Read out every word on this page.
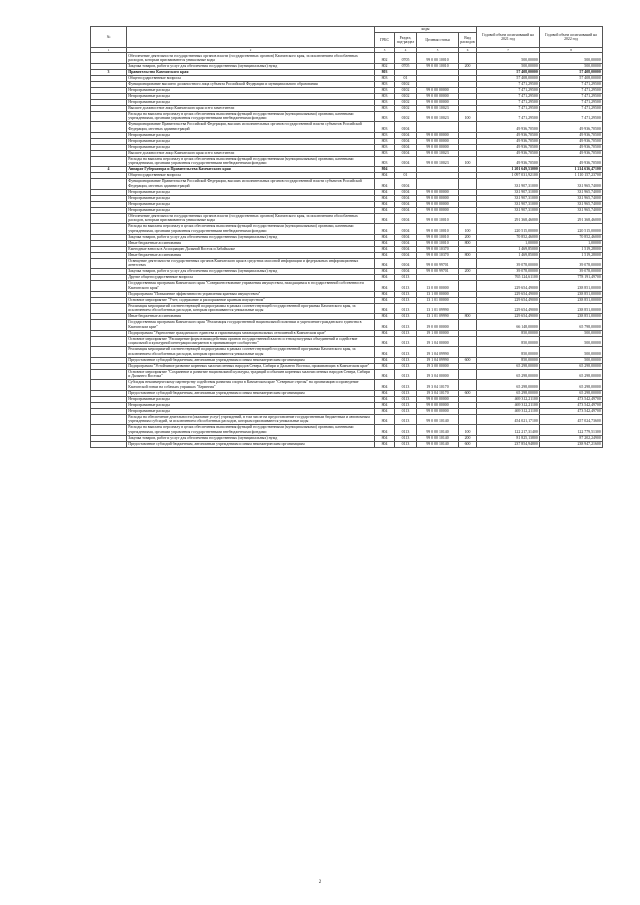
№		коды				Годовой объем ассигнований на 2021 год	Годовой объем ассигнований на 2022 год
		ГРБС	Раздел, под-раздел	Целевая статья	Вид расходов		
1	2	3	4	5	6	7	8
	Обеспечение деятельности государственных органов власти (государственных органов) Камчатского края, за исключением обособленных расходов, которым присваиваются уникальные коды	802	0705	99 0 00 10010		500,00000	500,00000
	Закупка товаров, работ и услуг для обеспечения государственных (муниципальных) нужд	802	0705	99 0 00 10010	200	500,00000	500,00000
3	Правительство Камчатского края	803				57 408,00000	57 408,00000
	Общегосударственные вопросы	803	01			57 408,00000	57 408,00000
	Функционирование высшего должностного лица субъекта Российской Федерации и муниципального образования	803	0102			7 471,29500	7 471,29500
	Непрограммные расходы	803	0102	99 0 00 00000		7 471,29500	7 471,29500
	Непрограммные расходы	803	0102	99 0 00 00000		7 471,29500	7 471,29500
	Непрограммные расходы	803	0102	99 0 00 00000		7 471,29500	7 471,29500
	Высшее должностное лицо Камчатского края и его заместители	803	0102	99 0 00 10023		7 471,29500	7 471,29500
	Расходы на выплаты персоналу в целях обеспечения выполнения функций государственными (муниципальными) органами, казенными учреждениями, органами управления государственными внебюджетными фондами	803	0102	99 0 00 10023	100	7 471,29500	7 471,29500
	Функционирование Правительства Российской Федерации, высших исполнительных органов государственной власти субъектов Российской Федерации, местных администраций	803	0104			49 936,70500	49 936,70500
	Непрограммные расходы	803	0104	99 0 00 00000		49 936,70500	49 936,70500
	Непрограммные расходы	803	0104	99 0 00 00000		49 936,70500	49 936,70500
	Непрограммные расходы	803	0104	99 0 00 00000		49 936,70500	49 936,70500
	Высшее должностное лицо Камчатского края и его заместители	803	0104	99 0 00 10023		49 936,70500	49 936,70500
	Расходы на выплаты персоналу в целях обеспечения выполнения функций государственными (муниципальными) органами, казенными учреждениями, органами управления государственными внебюджетными фондами	803	0104	99 0 00 10023	100	49 936,70500	49 936,70500
4	Аппарат Губернатора и Правительства Камчатского края	804				1 201 649,53000	1 214 636,47100
	Общегосударственные вопросы	804	01			1 097 031,92100	1 110 157,23700
	Функционирование Правительства Российской Федерации, высших исполнительных органов государственной власти субъектов Российской Федерации, местных администраций	804	0104			331 907,31000	331 965,74000
	Непрограммные расходы	804	0104	99 0 00 00000		331 907,31000	331 965,74000
	Непрограммные расходы	804	0104	99 0 00 00000		331 907,31000	331 965,74000
	Непрограммные расходы	804	0104	99 0 00 00000		331 907,31000	331 965,74000
	Непрограммные расходы	804	0104	99 0 00 00000		331 907,31000	331 965,74000
	Обеспечение деятельности государственных органов власти (государственных органов) Камчатского края, за исключением обособленных расходов, которым присваиваются уникальные коды	804	0104	99 0 00 10010		291 368,46000	291 368,46000
	Расходы на выплаты персоналу в целях обеспечения выполнения функций государственными (муниципальными) органами, казенными учреждениями, органами управления государственными внебюджетными фондами	804	0104	99 0 00 10010	100	220 515,00000	220 515,00000
	Закупка товаров, работ и услуг для обеспечения государственных (муниципальных) нужд	804	0104	99 0 00 10010	200	70 852,46000	70 852,46000
	Иные бюджетные ассигнования	804	0104	99 0 00 10010	800	1,00000	1,00000
	Ежегодные взносы в Ассоциацию Дальний Восток и Забайкалье	804	0104	99 0 00 10370		1 469,85000	1 519,28000
	Иные бюджетные ассигнования	804	0104	99 0 00 10370	800	1 469,85000	1 519,28000
	Освещение деятельности государственных органов Камчатского края в средствах массовой информации и федеральных информационных агентствах	804	0104	99 0 00 99701		39 078,00000	39 078,00000
	Закупка товаров, работ и услуг для обеспечения государственных (муниципальных) нужд	804	0104	99 0 00 99701	200	39 078,00000	39 078,00000
	Другие общегосударственные вопросы	804	0113			765 124,61100	778 191,49700
	Государственная программа Камчатского края "Совершенствование управления имуществом, находящимся в государственной собственности Камчатского края"	804	0113	13 0 00 00000		229 654,49000	238 851,00000
	Подпрограмма "Повышение эффективности управления краевым имуществом"	804	0113	13 1 00 00000		229 654,49000	238 851,00000
	Основное мероприятие "Учет, содержание и распоряжение краевым имуществом"	804	0113	13 1 01 00000		229 654,49000	238 851,00000
	Реализация мероприятий соответствующей подпрограммы в рамках соответствующей государственной программы Камчатского края, за исключением обособленных расходов, которым присваиваются уникальные коды	804	0113	13 1 01 09990		229 654,49000	238 851,00000
	Иные бюджетные ассигнования	804	0113	13 1 01 09990	800	229 654,49000	238 851,00000
	Государственная программа Камчатского края "Реализация государственной национальной политики и укрепление гражданского единства в Камчатском крае"	804	0113	19 0 00 00000		66 148,00000	65 798,00000
	Подпрограмма "Укрепление гражданского единства и гармонизация межнациональных отношений в Камчатском крае"	804	0113	19 1 00 00000		850,00000	500,00000
	Основное мероприятие "Расширение форм взаимодействия органов государственной власти и этнокультурных объединений и содействие социальной и культурной интеграции мигрантов в принимающее сообщество"	804	0113	19 1 04 00000		850,00000	500,00000
	Реализация мероприятий соответствующей подпрограммы в рамках соответствующей государственной программы Камчатского края, за исключением обособленных расходов, которым присваиваются уникальные коды	804	0113	19 1 04 09990		850,00000	500,00000
	Предоставление субсидий бюджетным, автономным учреждениям и иным некоммерческим организациям	804	0113	19 1 04 09990	600	850,00000	500,00000
	Подпрограмма "Устойчивое развитие коренных малочисленных народов Севера, Сибири и Дальнего Востока, проживающих в Камчатском крае"	804	0113	19 3 00 00000		65 298,00000	65 298,00000
	Основное мероприятие "Сохранение и развитие национальной культуры, традиций и обычаев коренных малочисленных народов Севера, Сибири и Дальнего Востока"	804	0113	19 3 04 00000		65 298,00000	65 298,00000
	Субсидия некоммерческому партнерству содействия развития спорта в Камчатском крае "Северные стрелы" на организацию и проведение Камчатской гонки на собачьих упряжках "Берингия"	804	0113	19 3 04 10170		65 298,00000	65 298,00000
	Предоставление субсидий бюджетным, автономным учреждениям и иным некоммерческим организациям	804	0113	19 3 04 10170	600	65 298,00000	65 298,00000
	Непрограммные расходы	804	0113	99 0 00 00000		469 312,21100	473 542,49700
	Непрограммные расходы	804	0113	99 0 00 00000		469 312,21100	473 542,49700
	Непрограммные расходы	804	0113	99 0 00 00000		469 312,21100	473 542,49700
	Расходы на обеспечение деятельности (оказание услуг) учреждений, в том числе на предоставление государственным бюджетным и автономным учреждениям субсидий, за исключением обособленных расходов, которым присваиваются уникальные коды	804	0113	99 0 00 10140		454 021,17100	457 024,73600
	Расходы на выплаты персоналу в целях обеспечения выполнения функций государственными (муниципальными) органами, казенными учреждениями, органами управления государственными внебюджетными фондами	804	0113	99 0 00 10140	100	122 217,31400	122 779,51300
	Закупка товаров, работ и услуг для обеспечения государственных (муниципальных) нужд	804	0113	99 0 00 10140	200	81 825,13800	87 202,24900
	Предоставление субсидий бюджетным, автономным учреждениям и иным некоммерческим организациям	804	0113	99 0 00 10140	600	237 854,94800	238 947,21600
2
